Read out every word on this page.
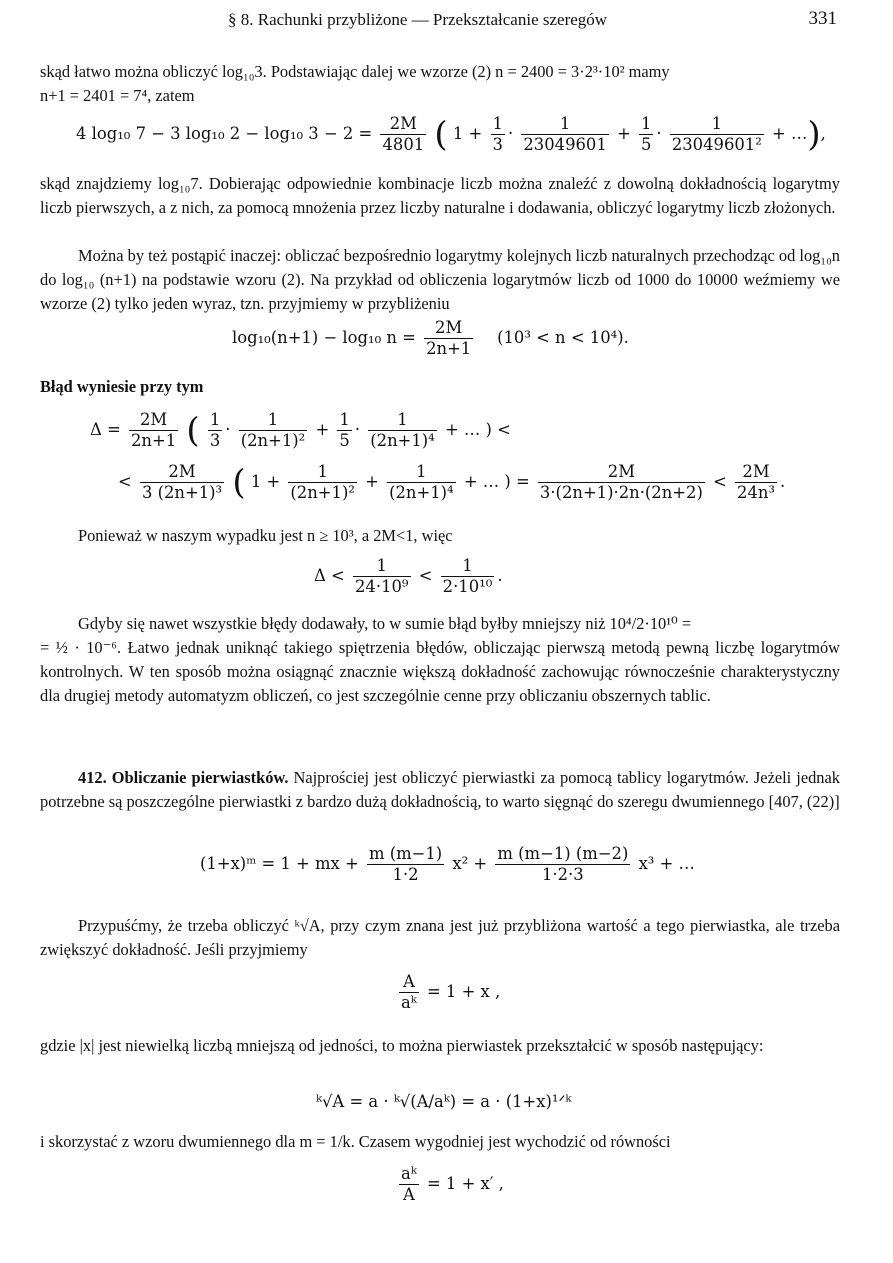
§ 8. Rachunki przybliżone — Przekształcanie szeregów	331
skąd łatwo można obliczyć log₁₀3. Podstawiając dalej we wzorze (2) n = 2400 = 3·2³·10² mamy
n+1 = 2401 = 7⁴, zatem
4 log₁₀ 7 − 3 log₁₀ 2 − log₁₀ $3 - 2 = \frac{2M}{4801}$ ( $1 + \frac{1}{3} \cdot \frac{1}{23049601} + \frac{1}{5} \cdot \frac{1}{\text{23049601²}}$ + …),
skąd znajdziemy log₁₀7. Dobierając odpowiednie kombinacje liczb można znaleźć z dowolną dokładnością logarytmy liczb pierwszych, a z nich, za pomocą mnożenia przez liczby naturalne i dodawania, obliczyć logarytmy liczb złożonych.
Można by też postąpić inaczej: obliczać bezpośrednio logarytmy kolejnych liczb naturalnych przechodząc od log₁₀n do log₁₀ (n+1) na podstawie wzoru (2). Na przykład od obliczenia logarytmów liczb od 1000 do 10000 weźmiemy we wzorze (2) tylko jeden wyraz, tzn. przyjmiemy w przybliżeniu
log₁₀(n+1) − log₁₀ $n = \frac{2M}{2n+1} (10^3 < n < 10^4)$.
Błąd wyniesie przy tym
$\Delta = \frac{2M}{2n+1}$ ( $\frac{1}{3} \cdot \frac{1}{\text{(2n+1)²}} + \frac{1}{5} \cdot \frac{1}{\text{(2n+1)⁴}}$ + … ) <
< $\frac{2M}{\text{3 (2n+1)³}}$ ( $1 + \frac{1}{\text{(2n+1)²}} + \frac{1}{\text{(2n+1)⁴}}$ + … ) = $\frac{2M}{3\cdot(2n+1)\cdot 2n\cdot(2n+2)} < \frac{2M}{\text{24n³}}$ .
Ponieważ w naszym wypadku jest n ≥ 10³, a 2M<1, więc
$\Delta < \frac{1}{\text{24·10⁹}} < \frac{1}{\text{2·10¹⁰}}$ .
Gdyby się nawet wszystkie błędy dodawały, to w sumie błąd byłby mniejszy niż 10⁴/2·10¹⁰ =
= ½ · 10⁻⁶. Łatwo jednak uniknąć takiego spiętrzenia błędów, obliczając pierwszą metodą pewną liczbę logarytmów kontrolnych. W ten sposób można osiągnąć znacznie większą dokładność zachowując równocześnie charakterystyczny dla drugiej metody automatyzm obliczeń, co jest szczególnie cenne przy obliczaniu obszernych tablic.
412. Obliczanie pierwiastków. Najprościej jest obliczyć pierwiastki za pomocą tablicy logarytmów. Jeżeli jednak potrzebne są poszczególne pierwiastki z bardzo dużą dokładnością, to warto sięgnąć do szeregu dwumiennego [407, (22)]
(1+x)ᵐ = 1 + mx + $\frac{m (m-1)}{1\cdot 2} x^2 + \frac{m (m-1) (m-2)}{1\cdot 2\cdot 3} x^3$ + …
Przypuśćmy, że trzeba obliczyć ᵏ√A, przy czym znana jest już przybliżona wartość a tego pierwiastka, ale trzeba zwiększyć dokładność. Jeśli przyjmiemy
$\frac{A}{\text{aᵏ}} = 1 + x$ ,
gdzie |x| jest niewielką liczbą mniejszą od jedności, to można pierwiastek przekształcić w sposób następujący:
ᵏ√A = a · ᵏ√(A/aᵏ) = a · (1+x)¹ᐟᵏ
i skorzystać z wzoru dwumiennego dla m = 1/k. Czasem wygodniej jest wychodzić od równości
$\frac{\text{aᵏ}}{A} = 1 + x'$ ,
